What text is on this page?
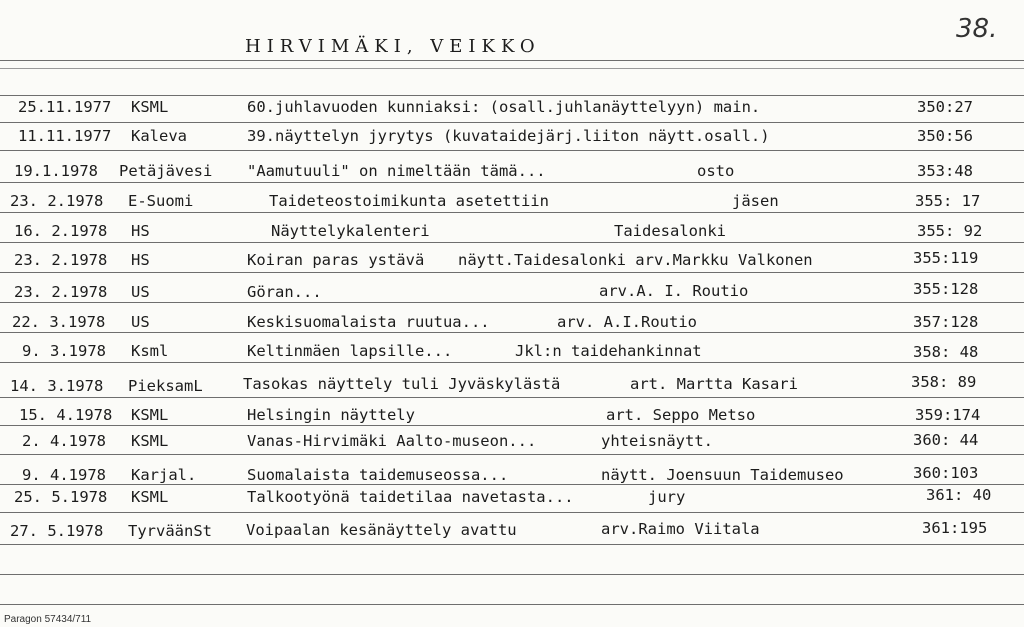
HIRVIMÄKI, VEIKKO
38.
25.11.1977 KSML	60.juhlavuoden kunniaksi: (osall.juhlanäyttelyyn) main.	350:27
11.11.1977 Kaleva	39.näyttelyn jyrytys (kuvataidejärj.liiton näytt.osall.)	350:56
19.1.1978 Petäjävesi "Aamutuuli" on nimeltään tämä...	osto	353:48
23. 2.1978 E-Suomi	Taideteostoimikunta asetettiin	jäsen	355: 17
16. 2.1978 HS	Näyttelykalenteri	Taidesalonki	355: 92
23. 2.1978 HS	Koiran paras ystävä näytt.Taidesalonki arv.Markku Valkonen	355:119
23. 2.1978 US	Göran...	arv.A. I. Routio	355:128
22. 3.1978 US	Keskisuomalaista ruutua...	arv. A.I.Routio	357:128
9. 3.1978 Ksml	Keltinmäen lapsille...	Jkl:n taidehankinnat	358: 48
14. 3.1978 PieksamL	Tasokas näyttely tuli Jyväskylästä	art. Martta Kasari	358: 89
15. 4.1978 KSML	Helsingin näyttely	art. Seppo Metso	359:174
2. 4.1978 KSML	Vanas-Hirvimäki Aalto-museon...	yhteisnäytt.	360: 44
9. 4.1978 Karjal.	Suomalaista taidemuseossa...	näytt. Joensuun Taidemuseo	360:103
25. 5.1978 KSML	Talkootyönä taidetilaa navetasta...	jury	361: 40
27. 5.1978 TyrväänSt Voipaalan kesänäyttely avattu	arv.Raimo Viitala	361:195
Paragon 57434/711
